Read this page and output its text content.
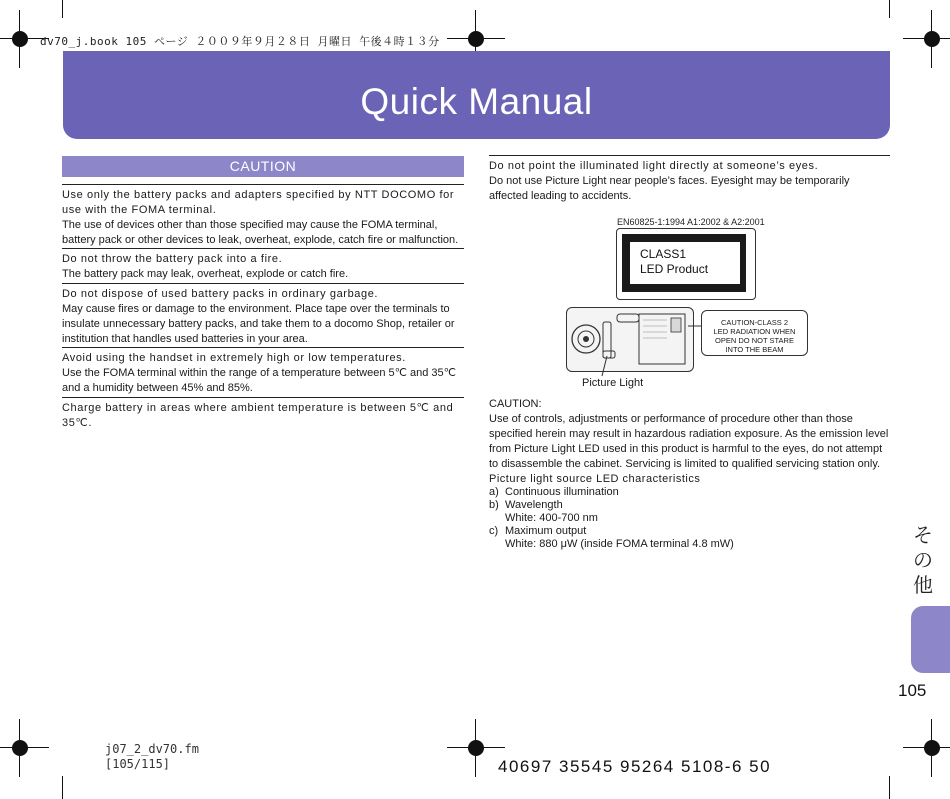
dv70_j.book 105 ページ ２００９年９月２８日 月曜日 午後４時１３分
Quick Manual
CAUTION
Use only the battery packs and adapters specified by NTT DOCOMO for use with the FOMA terminal.
The use of devices other than those specified may cause the FOMA terminal, battery pack or other devices to leak, overheat, explode, catch fire or malfunction.
Do not throw the battery pack into a fire.
The battery pack may leak, overheat, explode or catch fire.
Do not dispose of used battery packs in ordinary garbage.
May cause fires or damage to the environment. Place tape over the terminals to insulate unnecessary battery packs, and take them to a docomo Shop, retailer or institution that handles used batteries in your area.
Avoid using the handset in extremely high or low temperatures.
Use the FOMA terminal within the range of a temperature between 5℃ and 35℃ and a humidity between 45% and 85%.
Charge battery in areas where ambient temperature is between 5℃ and 35℃.
Do not point the illuminated light directly at someone’s eyes.
Do not use Picture Light near people’s faces. Eyesight may be temporarily affected leading to accidents.
EN60825-1:1994 A1:2002 & A2:2001
CLASS1
LED Product
CAUTION-CLASS 2
LED RADIATION WHEN
OPEN DO NOT STARE
INTO THE BEAM
Picture Light
CAUTION:
Use of controls, adjustments or performance of procedure other than those specified herein may result in hazardous radiation exposure. As the emission level from Picture Light LED used in this product is harmful to the eyes, do not attempt to disassemble the cabinet. Servicing is limited to qualified servicing station only.
Picture light source LED characteristics
a) Continuous illumination
b) Wavelength
White: 400-700 nm
c) Maximum output
White: 880 μW (inside FOMA terminal 4.8 mW)	そ
の
他
105
j07_2_dv70.fm
[105/115]	40697 35545 95264 5108-6 50
